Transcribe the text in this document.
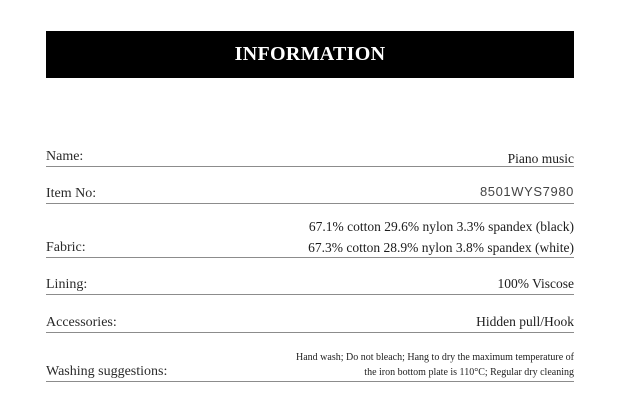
INFORMATION
Name:	Piano music
Item No:	8501WYS7980
Fabric:
67.1% cotton 29.6% nylon 3.3% spandex (black)
67.3% cotton 28.9% nylon 3.8% spandex (white)
Lining:	100% Viscose
Accessories:	Hidden pull/Hook
Washing suggestions:
Hand wash; Do not bleach; Hang to dry the maximum temperature of
the iron bottom plate is 110°C; Regular dry cleaning
